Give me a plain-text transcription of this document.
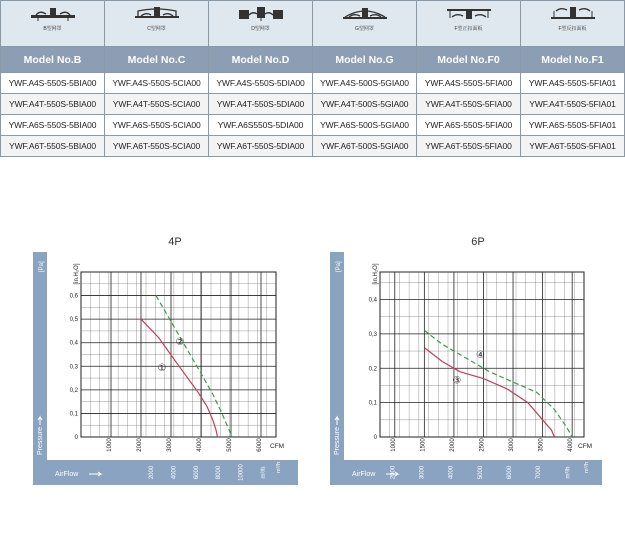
B型网罩	C型网罩	D型网罩	G型网罩	F型正扣面板	F型反扣面板

Model No.B	Model No.C	Model No.D	Model No.G	Model No.F0	Model No.F1
YWF.A4S-550S-5BIA00	YWF.A4S-550S-5CIA00	YWF.A4S-550S-5DIA00	YWF.A4S-500S-5GIA00	YWF.A4S-550S-5FIA00	YWF.A4S-550S-5FIA01
YWF.A4T-550S-5BIA00	YWF.A4T-550S-5CIA00	YWF.A4T-550S-5DIA00	YWF.A4T-500S-5GIA00	YWF.A4T-550S-5FIA00	YWF.A4T-550S-5FIA01
YWF.A6S-550S-5BIA00	YWF.A6S-550S-5CIA00	YWF.A6S550S-5DIA00	YWF.A6S-500S-5GIA00	YWF.A6S-550S-5FIA00	YWF.A6S-550S-5FIA01
YWF.A6T-550S-5BIA00	YWF.A6T-550S-5CIA00	YWF.A6T-550S-5DIA00	YWF.A6T-500S-5GIA00	YWF.A6T-550S-5FIA00	YWF.A6T-550S-5FIA01
4P
0
0,1
0,2
0,3
0,4
0,5
0,6
1000	2000	3000	4000	5000	6000 CFM
2000	4000	6000	8000	10000	m³/h
AirFlow
40
80
120
160
Pressure
[Pa]	[in.H₂O]
m³/h
①
②
6P
0
0,1
0,2
0,3
0,4
1000	1500	2000	2500	3000	3500	4000 CFM
2000	3000	4000	5000	6000	7000	m³/h
AirFlow
30
60
90
120
Pressure
[Pa]	[in.H₂O]
m³/h
④
③
